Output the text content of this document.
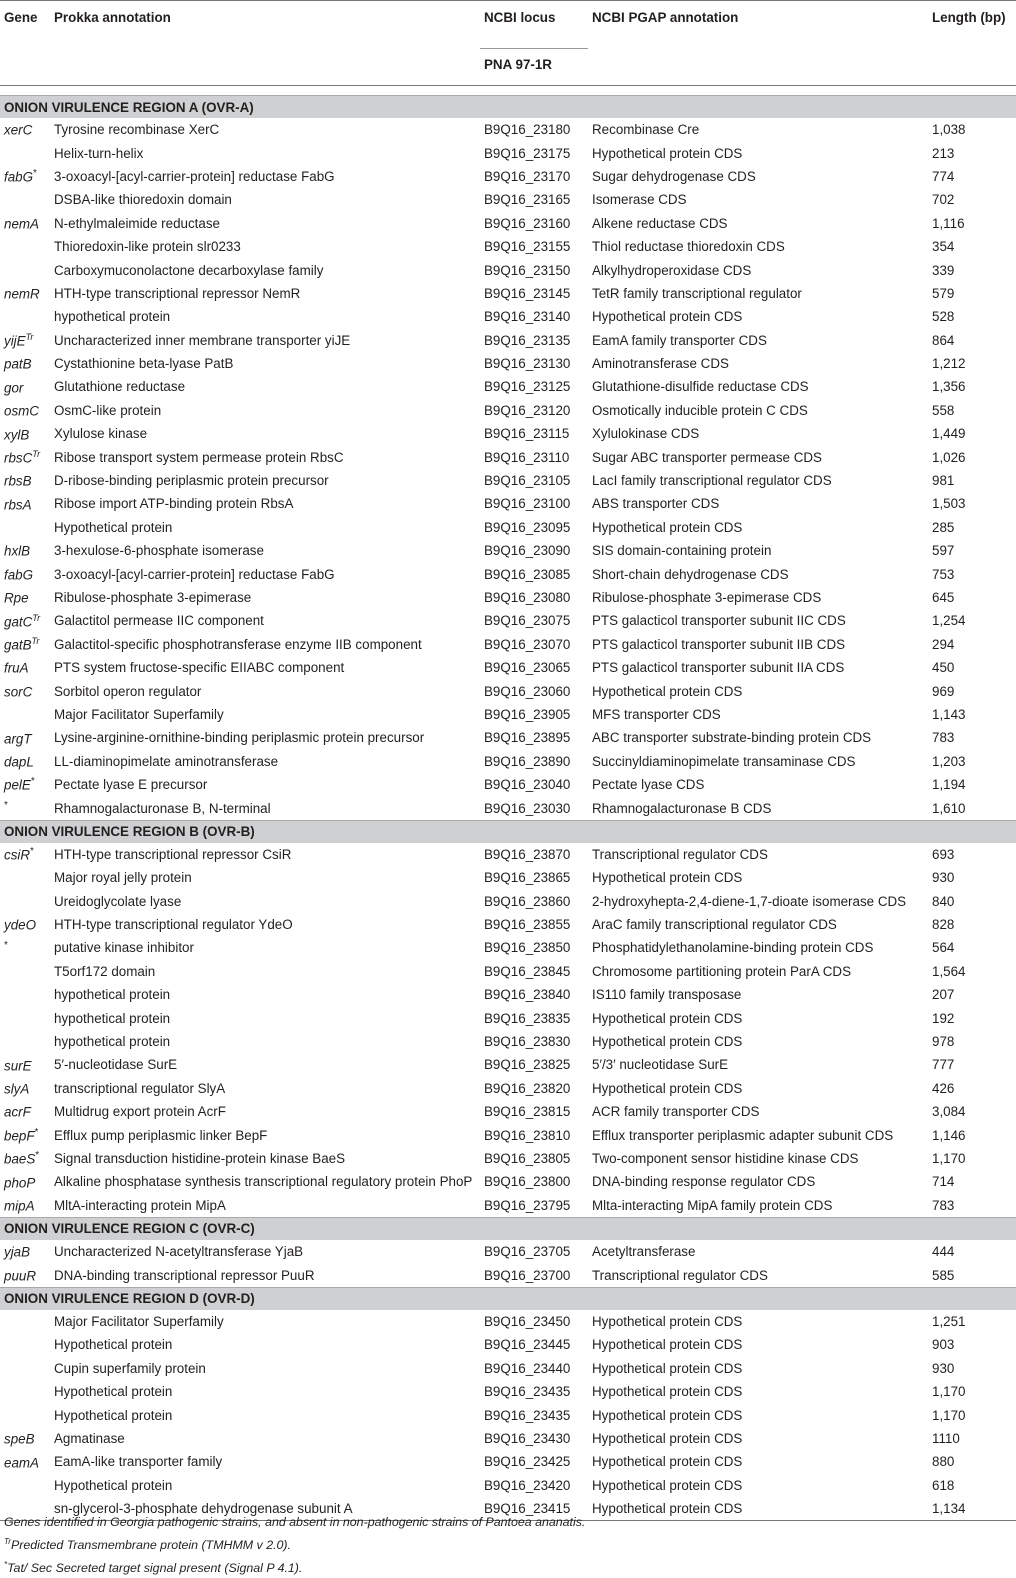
Gene	Prokka annotation	NCBI locus	NCBI PGAP annotation	Length (bp)
		PNA 97-1R		

ONION VIRULENCE REGION A (OVR-A)				
xerC	Tyrosine recombinase XerC	B9Q16_23180	Recombinase Cre	1,038
	Helix-turn-helix	B9Q16_23175	Hypothetical protein CDS	213
fabG*	3-oxoacyl-[acyl-carrier-protein] reductase FabG	B9Q16_23170	Sugar dehydrogenase CDS	774
	DSBA-like thioredoxin domain	B9Q16_23165	Isomerase CDS	702
nemA	N-ethylmaleimide reductase	B9Q16_23160	Alkene reductase CDS	1,116
	Thioredoxin-like protein slr0233	B9Q16_23155	Thiol reductase thioredoxin CDS	354
	Carboxymuconolactone decarboxylase family	B9Q16_23150	Alkylhydroperoxidase CDS	339
nemR	HTH-type transcriptional repressor NemR	B9Q16_23145	TetR family transcriptional regulator	579
	hypothetical protein	B9Q16_23140	Hypothetical protein CDS	528
yijE$^{Tr}$	Uncharacterized inner membrane transporter yiJE	B9Q16_23135	EamA family transporter CDS	864
patB	Cystathionine beta-lyase PatB	B9Q16_23130	Aminotransferase CDS	1,212
gor	Glutathione reductase	B9Q16_23125	Glutathione-disulfide reductase CDS	1,356
osmC	OsmC-like protein	B9Q16_23120	Osmotically inducible protein C CDS	558
xylB	Xylulose kinase	B9Q16_23115	Xylulokinase CDS	1,449
rbsC$^{Tr}$	Ribose transport system permease protein RbsC	B9Q16_23110	Sugar ABC transporter permease CDS	1,026
rbsB	D-ribose-binding periplasmic protein precursor	B9Q16_23105	LacI family transcriptional regulator CDS	981
rbsA	Ribose import ATP-binding protein RbsA	B9Q16_23100	ABS transporter CDS	1,503
	Hypothetical protein	B9Q16_23095	Hypothetical protein CDS	285
hxlB	3-hexulose-6-phosphate isomerase	B9Q16_23090	SIS domain-containing protein	597
fabG	3-oxoacyl-[acyl-carrier-protein] reductase FabG	B9Q16_23085	Short-chain dehydrogenase CDS	753
Rpe	Ribulose-phosphate 3-epimerase	B9Q16_23080	Ribulose-phosphate 3-epimerase CDS	645
gatC$^{Tr}$	Galactitol permease IIC component	B9Q16_23075	PTS galacticol transporter subunit IIC CDS	1,254
gatB$^{Tr}$	Galactitol-specific phosphotransferase enzyme IIB component	B9Q16_23070	PTS galacticol transporter subunit IIB CDS	294
fruA	PTS system fructose-specific EIIABC component	B9Q16_23065	PTS galacticol transporter subunit IIA CDS	450
sorC	Sorbitol operon regulator	B9Q16_23060	Hypothetical protein CDS	969
	Major Facilitator Superfamily	B9Q16_23905	MFS transporter CDS	1,143
argT	Lysine-arginine-ornithine-binding periplasmic protein precursor	B9Q16_23895	ABC transporter substrate-binding protein CDS	783
dapL	LL-diaminopimelate aminotransferase	B9Q16_23890	Succinyldiaminopimelate transaminase CDS	1,203
pelE*	Pectate lyase E precursor	B9Q16_23040	Pectate lyase CDS	1,194
*	Rhamnogalacturonase B, N-terminal	B9Q16_23030	Rhamnogalacturonase B CDS	1,610
ONION VIRULENCE REGION B (OVR-B)				
csiR*	HTH-type transcriptional repressor CsiR	B9Q16_23870	Transcriptional regulator CDS	693
	Major royal jelly protein	B9Q16_23865	Hypothetical protein CDS	930
	Ureidoglycolate lyase	B9Q16_23860	2-hydroxyhepta-2,4-diene-1,7-dioate isomerase CDS	840
ydeO	HTH-type transcriptional regulator YdeO	B9Q16_23855	AraC family transcriptional regulator CDS	828
*	putative kinase inhibitor	B9Q16_23850	Phosphatidylethanolamine-binding protein CDS	564
	T5orf172 domain	B9Q16_23845	Chromosome partitioning protein ParA CDS	1,564
	hypothetical protein	B9Q16_23840	IS110 family transposase	207
	hypothetical protein	B9Q16_23835	Hypothetical protein CDS	192
	hypothetical protein	B9Q16_23830	Hypothetical protein CDS	978
surE	5′-nucleotidase SurE	B9Q16_23825	5′/3′ nucleotidase SurE	777
slyA	transcriptional regulator SlyA	B9Q16_23820	Hypothetical protein CDS	426
acrF	Multidrug export protein AcrF	B9Q16_23815	ACR family transporter CDS	3,084
bepF*	Efflux pump periplasmic linker BepF	B9Q16_23810	Efflux transporter periplasmic adapter subunit CDS	1,146
baeS*	Signal transduction histidine-protein kinase BaeS	B9Q16_23805	Two-component sensor histidine kinase CDS	1,170
phoP	Alkaline phosphatase synthesis transcriptional regulatory protein PhoP	B9Q16_23800	DNA-binding response regulator CDS	714
mipA	MltA-interacting protein MipA	B9Q16_23795	Mlta-interacting MipA family protein CDS	783
ONION VIRULENCE REGION C (OVR-C)				
yjaB	Uncharacterized N-acetyltransferase YjaB	B9Q16_23705	Acetyltransferase	444
puuR	DNA-binding transcriptional repressor PuuR	B9Q16_23700	Transcriptional regulator CDS	585
ONION VIRULENCE REGION D (OVR-D)				
	Major Facilitator Superfamily	B9Q16_23450	Hypothetical protein CDS	1,251
	Hypothetical protein	B9Q16_23445	Hypothetical protein CDS	903
	Cupin superfamily protein	B9Q16_23440	Hypothetical protein CDS	930
	Hypothetical protein	B9Q16_23435	Hypothetical protein CDS	1,170
	Hypothetical protein	B9Q16_23435	Hypothetical protein CDS	1,170
speB	Agmatinase	B9Q16_23430	Hypothetical protein CDS	1110
eamA	EamA-like transporter family	B9Q16_23425	Hypothetical protein CDS	880
	Hypothetical protein	B9Q16_23420	Hypothetical protein CDS	618
	sn-glycerol-3-phosphate dehydrogenase subunit A	B9Q16_23415	Hypothetical protein CDS	1,134
Genes identified in Georgia pathogenic strains, and absent in non-pathogenic strains of Pantoea ananatis.
$^{Tr}$Predicted Transmembrane protein (TMHMM v 2.0).
*Tat/ Sec Secreted target signal present (Signal P 4.1).
